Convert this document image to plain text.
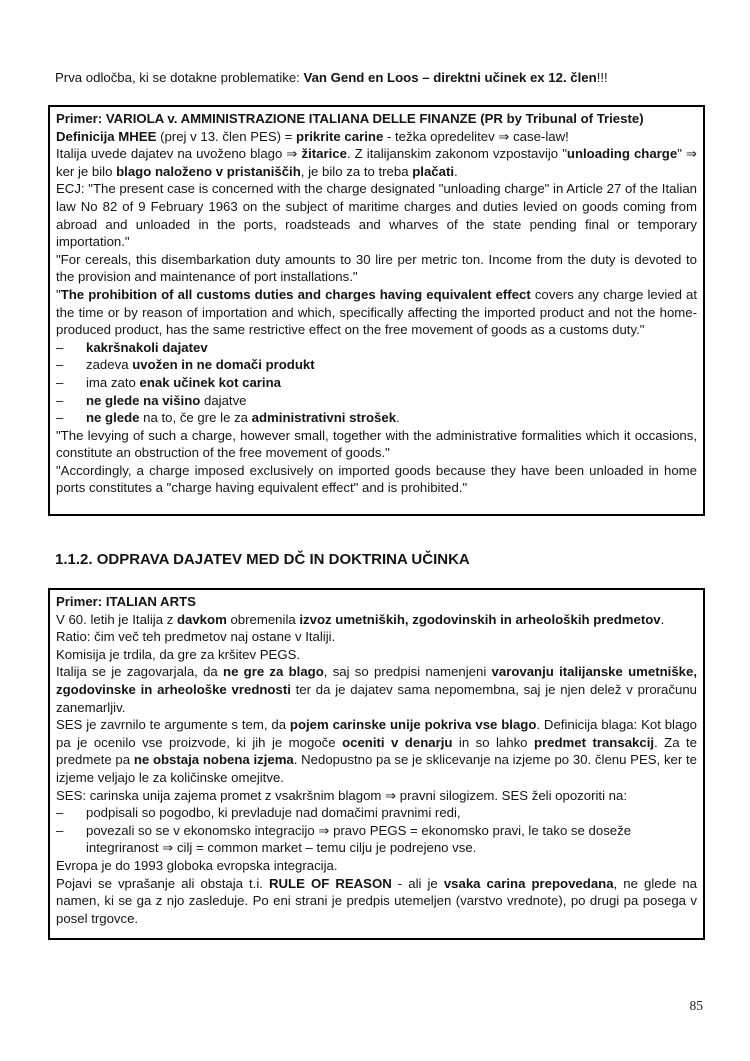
Prva odločba, ki se dotakne problematike: Van Gend en Loos – direktni učinek ex 12. člen!!!

Primer: VARIOLA v. AMMINISTRAZIONE ITALIANA DELLE FINANZE (PR by Tribunal of Trieste)
Definicija MHEE (prej v 13. člen PES) = prikrite carine - težka opredelitev ⇒ case-law!
Italija uvede dajatev na uvoženo blago ⇒ žitarice. Z italijanskim zakonom vzpostavijo "unloading charge" ⇒ ker je bilo blago naloženo v pristaniščih, je bilo za to treba plačati.
ECJ: "The present case is concerned with the charge designated "unloading charge" in Article 27 of the Italian law No 82 of 9 February 1963 on the subject of maritime charges and duties levied on goods coming from abroad and unloaded in the ports, roadsteads and wharves of the state pending final or temporary importation."
"For cereals, this disembarkation duty amounts to 30 lire per metric ton. Income from the duty is devoted to the provision and maintenance of port installations."
"The prohibition of all customs duties and charges having equivalent effect covers any charge levied at the time or by reason of importation and which, specifically affecting the imported product and not the home-produced product, has the same restrictive effect on the free movement of goods as a customs duty."
–	kakršnakoli dajatev
–	zadeva uvožen in ne domači produkt
–	ima zato enak učinek kot carina
–	ne glede na višino dajatve
–	ne glede na to, če gre le za administrativni strošek.
"The levying of such a charge, however small, together with the administrative formalities which it occasions, constitute an obstruction of the free movement of goods."
"Accordingly, a charge imposed exclusively on imported goods because they have been unloaded in home ports constitutes a "charge having equivalent effect" and is prohibited."
1.1.2. ODPRAVA DAJATEV MED DČ IN DOKTRINA UČINKA
Primer: ITALIAN ARTS
V 60. letih je Italija z davkom obremenila izvoz umetniških, zgodovinskih in arheoloških predmetov.
Ratio: čim več teh predmetov naj ostane v Italiji.
Komisija je trdila, da gre za kršitev PEGS.
Italija se je zagovarjala, da ne gre za blago, saj so predpisi namenjeni varovanju italijanske umetniške, zgodovinske in arheološke vrednosti ter da je dajatev sama nepomembna, saj je njen delež v proračunu zanemarljiv.
SES je zavrnilo te argumente s tem, da pojem carinske unije pokriva vse blago. Definicija blaga: Kot blago pa je ocenilo vse proizvode, ki jih je mogoče oceniti v denarju in so lahko predmet transakcij. Za te predmete pa ne obstaja nobena izjema. Nedopustno pa se je sklicevanje na izjeme po 30. členu PES, ker te izjeme veljajo le za količinske omejitve.
SES: carinska unija zajema promet z vsakršnim blagom ⇒ pravni silogizem. SES želi opozoriti na:
–	podpisali so pogodbo, ki prevladuje nad domačimi pravnimi redi,
–	povezali so se v ekonomsko integracijo ⇒ pravo PEGS = ekonomsko pravi, le tako se doseže integriranost ⇒ cilj = common market – temu cilju je podrejeno vse.
Evropa je do 1993 globoka evropska integracija.
Pojavi se vprašanje ali obstaja t.i. RULE OF REASON - ali je vsaka carina prepovedana, ne glede na namen, ki se ga z njo zasleduje. Po eni strani je predpis utemeljen (varstvo vrednote), po drugi pa posega v posel trgovce.
85
